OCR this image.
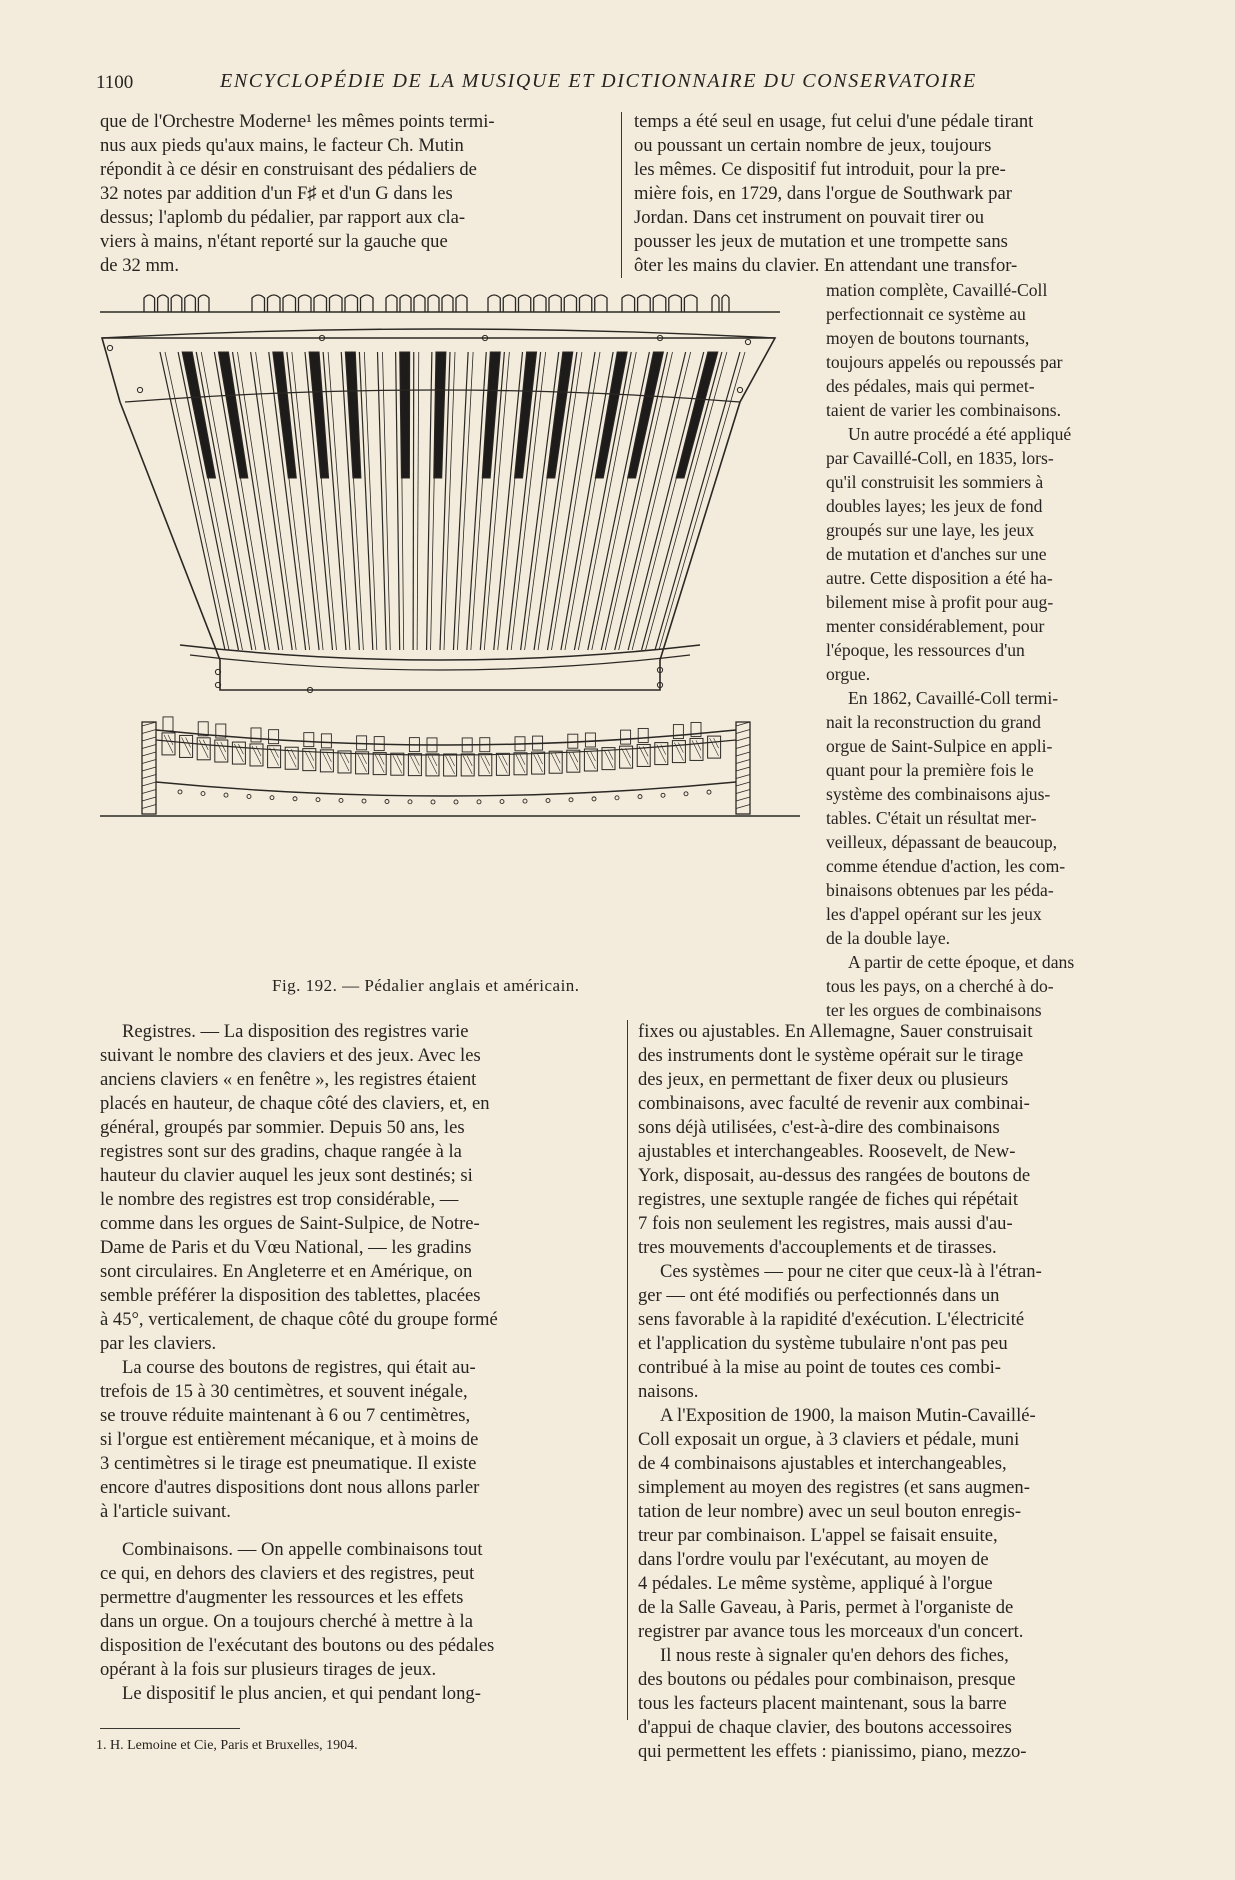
1100	ENCYCLOPÉDIE DE LA MUSIQUE ET DICTIONNAIRE DU CONSERVATOIRE

que de l'Orchestre Moderne¹ les mêmes points termi-

nus aux pieds qu'aux mains, le facteur Ch. Mutin

répondit à ce désir en construisant des pédaliers de

32 notes par addition d'un F♯ et d'un G dans les

dessus; l'aplomb du pédalier, par rapport aux cla-

viers à mains, n'étant reporté sur la gauche que

de 32 mm.

temps a été seul en usage, fut celui d'une pédale tirant

ou poussant un certain nombre de jeux, toujours

les mêmes. Ce dispositif fut introduit, pour la pre-

mière fois, en 1729, dans l'orgue de Southwark par

Jordan. Dans cet instrument on pouvait tirer ou

pousser les jeux de mutation et une trompette sans

ôter les mains du clavier. En attendant une transfor-

mation complète, Cavaillé-Coll

perfectionnait ce système au

moyen de boutons tournants,

toujours appelés ou repoussés par

des pédales, mais qui permet-

taient de varier les combinaisons.

Un autre procédé a été appliqué

par Cavaillé-Coll, en 1835, lors-

qu'il construisit les sommiers à

doubles layes; les jeux de fond

groupés sur une laye, les jeux

de mutation et d'anches sur une

autre. Cette disposition a été ha-

bilement mise à profit pour aug-

menter considérablement, pour

l'époque, les ressources d'un

orgue.

En 1862, Cavaillé-Coll termi-

nait la reconstruction du grand

orgue de Saint-Sulpice en appli-

quant pour la première fois le

système des combinaisons ajus-

tables. C'était un résultat mer-

veilleux, dépassant de beaucoup,

comme étendue d'action, les com-

binaisons obtenues par les péda-

les d'appel opérant sur les jeux

de la double laye.

A partir de cette époque, et dans

tous les pays, on a cherché à do-

ter les orgues de combinaisons

Fig. 192. — Pédalier anglais et américain.

Registres. — La disposition des registres varie

suivant le nombre des claviers et des jeux. Avec les

anciens claviers « en fenêtre », les registres étaient

placés en hauteur, de chaque côté des claviers, et, en

général, groupés par sommier. Depuis 50 ans, les

registres sont sur des gradins, chaque rangée à la

hauteur du clavier auquel les jeux sont destinés; si

le nombre des registres est trop considérable, —

comme dans les orgues de Saint-Sulpice, de Notre-

Dame de Paris et du Vœu National, — les gradins

sont circulaires. En Angleterre et en Amérique, on

semble préférer la disposition des tablettes, placées

à 45°, verticalement, de chaque côté du groupe formé

par les claviers.

La course des boutons de registres, qui était au-

trefois de 15 à 30 centimètres, et souvent inégale,

se trouve réduite maintenant à 6 ou 7 centimètres,

si l'orgue est entièrement mécanique, et à moins de

3 centimètres si le tirage est pneumatique. Il existe

encore d'autres dispositions dont nous allons parler

à l'article suivant.

Combinaisons. — On appelle combinaisons tout

ce qui, en dehors des claviers et des registres, peut

permettre d'augmenter les ressources et les effets

dans un orgue. On a toujours cherché à mettre à la

disposition de l'exécutant des boutons ou des pédales

opérant à la fois sur plusieurs tirages de jeux.

Le dispositif le plus ancien, et qui pendant long-

fixes ou ajustables. En Allemagne, Sauer construisait

des instruments dont le système opérait sur le tirage

des jeux, en permettant de fixer deux ou plusieurs

combinaisons, avec faculté de revenir aux combinai-

sons déjà utilisées, c'est-à-dire des combinaisons

ajustables et interchangeables. Roosevelt, de New-

York, disposait, au-dessus des rangées de boutons de

registres, une sextuple rangée de fiches qui répétait

7 fois non seulement les registres, mais aussi d'au-

tres mouvements d'accouplements et de tirasses.

Ces systèmes — pour ne citer que ceux-là à l'étran-

ger — ont été modifiés ou perfectionnés dans un

sens favorable à la rapidité d'exécution. L'électricité

et l'application du système tubulaire n'ont pas peu

contribué à la mise au point de toutes ces combi-

naisons.

A l'Exposition de 1900, la maison Mutin-Cavaillé-

Coll exposait un orgue, à 3 claviers et pédale, muni

de 4 combinaisons ajustables et interchangeables,

simplement au moyen des registres (et sans augmen-

tation de leur nombre) avec un seul bouton enregis-

treur par combinaison. L'appel se faisait ensuite,

dans l'ordre voulu par l'exécutant, au moyen de

4 pédales. Le même système, appliqué à l'orgue

de la Salle Gaveau, à Paris, permet à l'organiste de

registrer par avance tous les morceaux d'un concert.

Il nous reste à signaler qu'en dehors des fiches,

des boutons ou pédales pour combinaison, presque

tous les facteurs placent maintenant, sous la barre

d'appui de chaque clavier, des boutons accessoires

qui permettent les effets : pianissimo, piano, mezzo-

1. H. Lemoine et Cie, Paris et Bruxelles, 1904.
